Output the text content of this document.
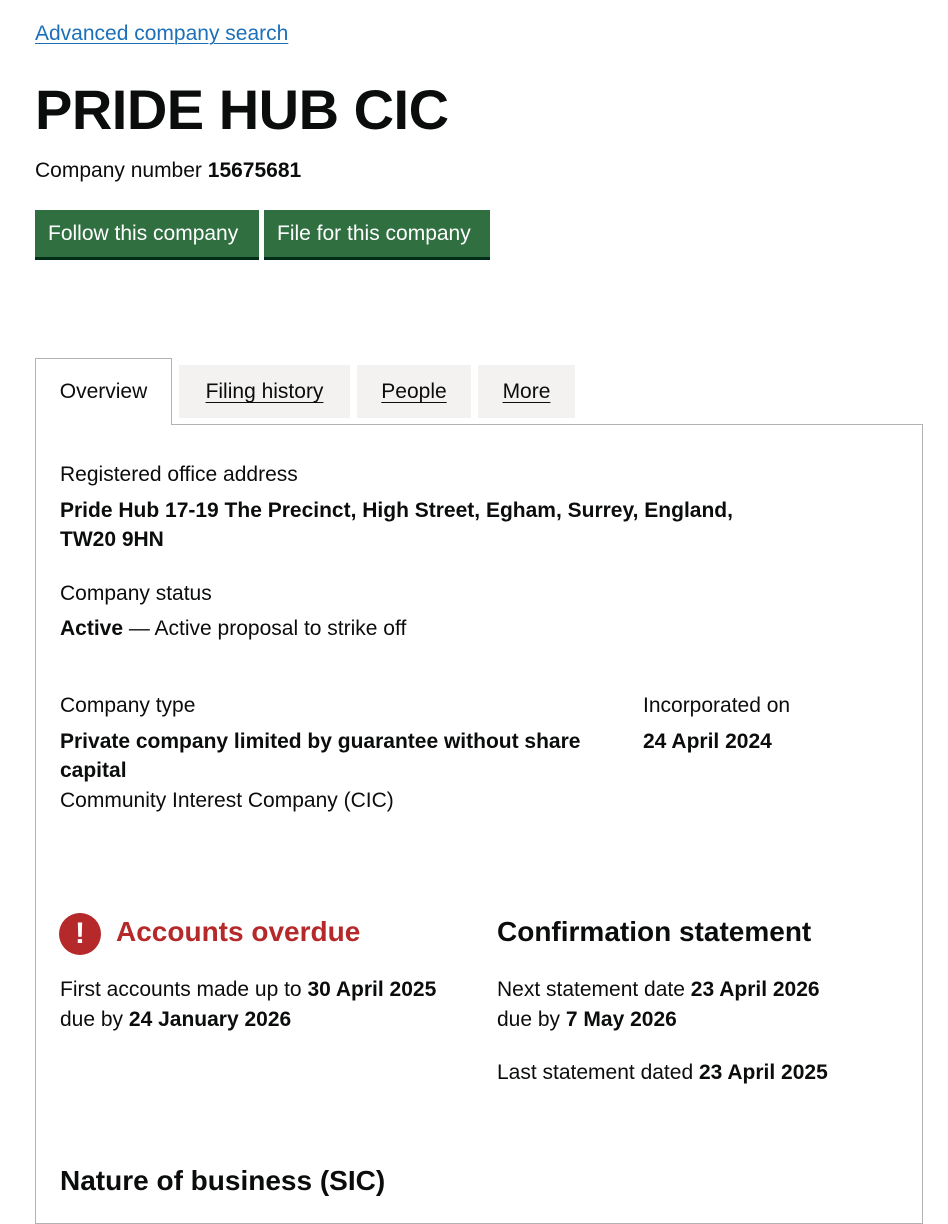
Advanced company search
PRIDE HUB CIC
Company number 15675681
Follow this company	File for this company
Overview	Filing history	People	More
Registered office address
Pride Hub 17-19 The Precinct, High Street, Egham, Surrey, England,
TW20 9HN
Company status
Active — Active proposal to strike off
Company type
Private company limited by guarantee without share
capital
Community Interest Company (CIC)
Incorporated on
24 April 2024
!	Accounts overdue
First accounts made up to 30 April 2025
due by 24 January 2026
Confirmation statement
Next statement date 23 April 2026
due by 7 May 2026
Last statement dated 23 April 2025
Nature of business (SIC)
